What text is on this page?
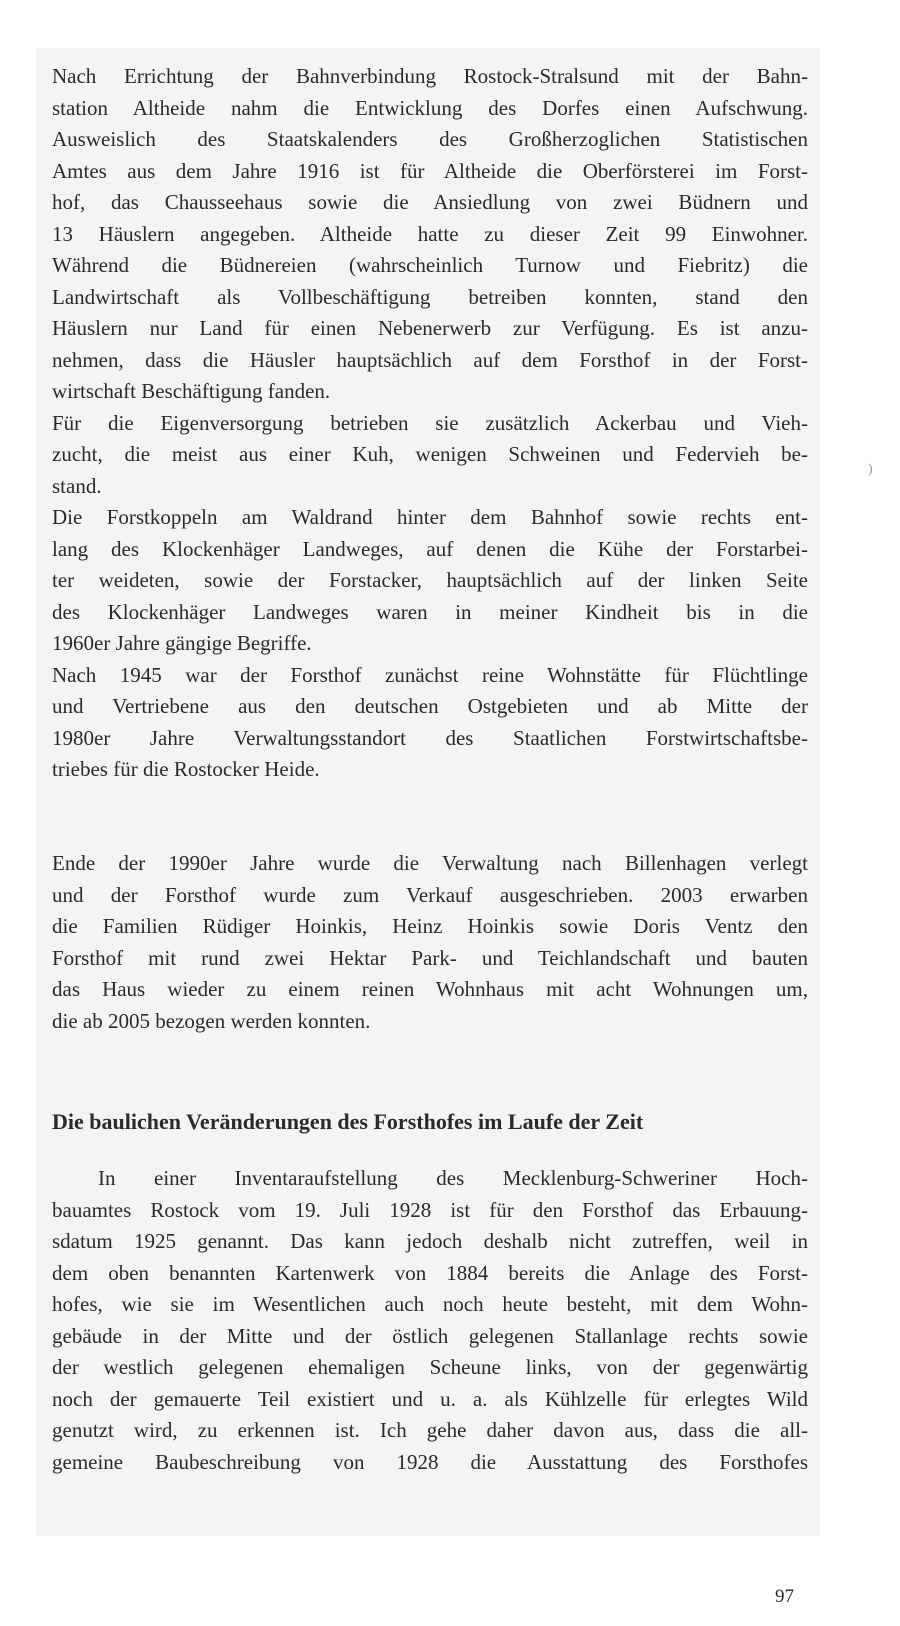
Nach Errichtung der Bahnverbindung Rostock-Stralsund mit der Bahn-
station Altheide nahm die Entwicklung des Dorfes einen Aufschwung.
Ausweislich des Staatskalenders des Großherzoglichen Statistischen
Amtes aus dem Jahre 1916 ist für Altheide die Oberförsterei im Forst-
hof, das Chausseehaus sowie die Ansiedlung von zwei Büdnern und
13 Häuslern angegeben. Altheide hatte zu dieser Zeit 99 Einwohner.
Während die Büdnereien (wahrscheinlich Turnow und Fiebritz) die
Landwirtschaft als Vollbeschäftigung betreiben konnten, stand den
Häuslern nur Land für einen Nebenerwerb zur Verfügung. Es ist anzu-
nehmen, dass die Häusler hauptsächlich auf dem Forsthof in der Forst-
wirtschaft Beschäftigung fanden.
Für die Eigenversorgung betrieben sie zusätzlich Ackerbau und Vieh-
zucht, die meist aus einer Kuh, wenigen Schweinen und Federvieh be-
stand.
Die Forstkoppeln am Waldrand hinter dem Bahnhof sowie rechts ent-
lang des Klockenhäger Landweges, auf denen die Kühe der Forstarbei-
ter weideten, sowie der Forstacker, hauptsächlich auf der linken Seite
des Klockenhäger Landweges waren in meiner Kindheit bis in die
1960er Jahre gängige Begriffe.
Nach 1945 war der Forsthof zunächst reine Wohnstätte für Flüchtlinge
und Vertriebene aus den deutschen Ostgebieten und ab Mitte der
1980er Jahre Verwaltungsstandort des Staatlichen Forstwirtschaftsbe-
triebes für die Rostocker Heide.
Ende der 1990er Jahre wurde die Verwaltung nach Billenhagen verlegt
und der Forsthof wurde zum Verkauf ausgeschrieben. 2003 erwarben
die Familien Rüdiger Hoinkis, Heinz Hoinkis sowie Doris Ventz den
Forsthof mit rund zwei Hektar Park- und Teichlandschaft und bauten
das Haus wieder zu einem reinen Wohnhaus mit acht Wohnungen um,
die ab 2005 bezogen werden konnten.
Die baulichen Veränderungen des Forsthofes im Laufe der Zeit
In einer Inventaraufstellung des Mecklenburg-Schweriner Hoch-
bauamtes Rostock vom 19. Juli 1928 ist für den Forsthof das Erbauung-
sdatum 1925 genannt. Das kann jedoch deshalb nicht zutreffen, weil in
dem oben benannten Kartenwerk von 1884 bereits die Anlage des Forst-
hofes, wie sie im Wesentlichen auch noch heute besteht, mit dem Wohn-
gebäude in der Mitte und der östlich gelegenen Stallanlage rechts sowie
der westlich gelegenen ehemaligen Scheune links, von der gegenwärtig
noch der gemauerte Teil existiert und u. a. als Kühlzelle für erlegtes Wild
genutzt wird, zu erkennen ist. Ich gehe daher davon aus, dass die all-
gemeine Baubeschreibung von 1928 die Ausstattung des Forsthofes
)
97
